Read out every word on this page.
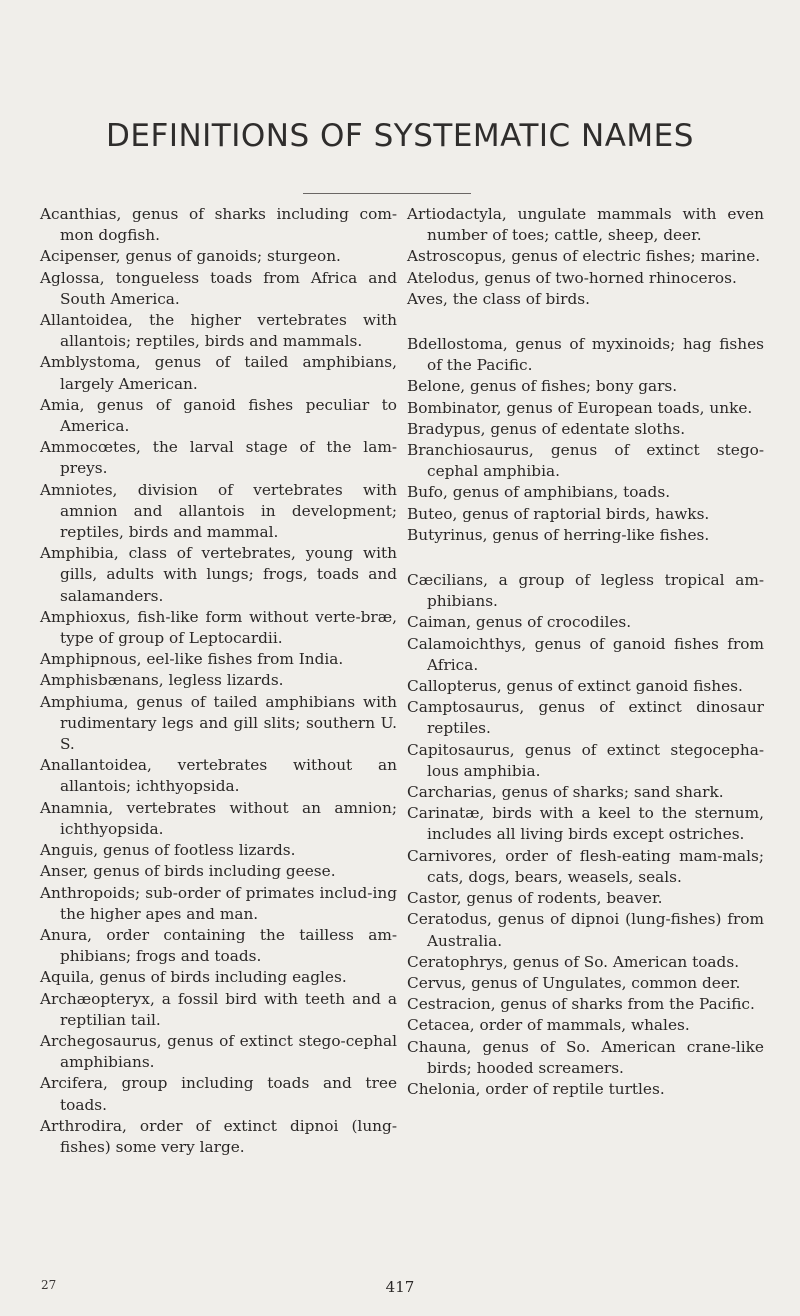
DEFINITIONS OF SYSTEMATIC NAMES

Acanthias, genus of sharks including com-mon dogfish.

Acipenser, genus of ganoids; sturgeon.

Aglossa, tongueless toads from Africa and South America.

Allantoidea, the higher vertebrates with allantois; reptiles, birds and mammals.

Amblystoma, genus of tailed amphibians, largely American.

Amia, genus of ganoid fishes peculiar to America.

Ammocœtes, the larval stage of the lam-preys.

Amniotes, division of vertebrates with amnion and allantois in development; reptiles, birds and mammal.

Amphibia, class of vertebrates, young with gills, adults with lungs; frogs, toads and salamanders.

Amphioxus, fish-like form without verte-bræ, type of group of Leptocardii.

Amphipnous, eel-like fishes from India.

Amphisbænans, legless lizards.

Amphiuma, genus of tailed amphibians with rudimentary legs and gill slits; southern U. S.

Anallantoidea, vertebrates without an allantois; ichthyopsida.

Anamnia, vertebrates without an amnion; ichthyopsida.

Anguis, genus of footless lizards.

Anser, genus of birds including geese.

Anthropoids; sub-order of primates includ-ing the higher apes and man.

Anura, order containing the tailless am-phibians; frogs and toads.

Aquila, genus of birds including eagles.

Archæopteryx, a fossil bird with teeth and a reptilian tail.

Archegosaurus, genus of extinct stego-cephal amphibians.

Arcifera, group including toads and tree toads.

Arthrodira, order of extinct dipnoi (lung-fishes) some very large.

Artiodactyla, ungulate mammals with even number of toes; cattle, sheep, deer.

Astroscopus, genus of electric fishes; marine.

Atelodus, genus of two-horned rhinoceros.

Aves, the class of birds.

Bdellostoma, genus of myxinoids; hag fishes of the Pacific.

Belone, genus of fishes; bony gars.

Bombinator, genus of European toads, unke.

Bradypus, genus of edentate sloths.

Branchiosaurus, genus of extinct stego-cephal amphibia.

Bufo, genus of amphibians, toads.

Buteo, genus of raptorial birds, hawks.

Butyrinus, genus of herring-like fishes.

Cæcilians, a group of legless tropical am-phibians.

Caiman, genus of crocodiles.

Calamoichthys, genus of ganoid fishes from Africa.

Callopterus, genus of extinct ganoid fishes.

Camptosaurus, genus of extinct dinosaur reptiles.

Capitosaurus, genus of extinct stegocepha-lous amphibia.

Carcharias, genus of sharks; sand shark.

Carinatæ, birds with a keel to the sternum, includes all living birds except ostriches.

Carnivores, order of flesh-eating mam-mals; cats, dogs, bears, weasels, seals.

Castor, genus of rodents, beaver.

Ceratodus, genus of dipnoi (lung-fishes) from Australia.

Ceratophrys, genus of So. American toads.

Cervus, genus of Ungulates, common deer.

Cestracion, genus of sharks from the Pacific.

Cetacea, order of mammals, whales.

Chauna, genus of So. American crane-like birds; hooded screamers.

Chelonia, order of reptile turtles.

27	417
